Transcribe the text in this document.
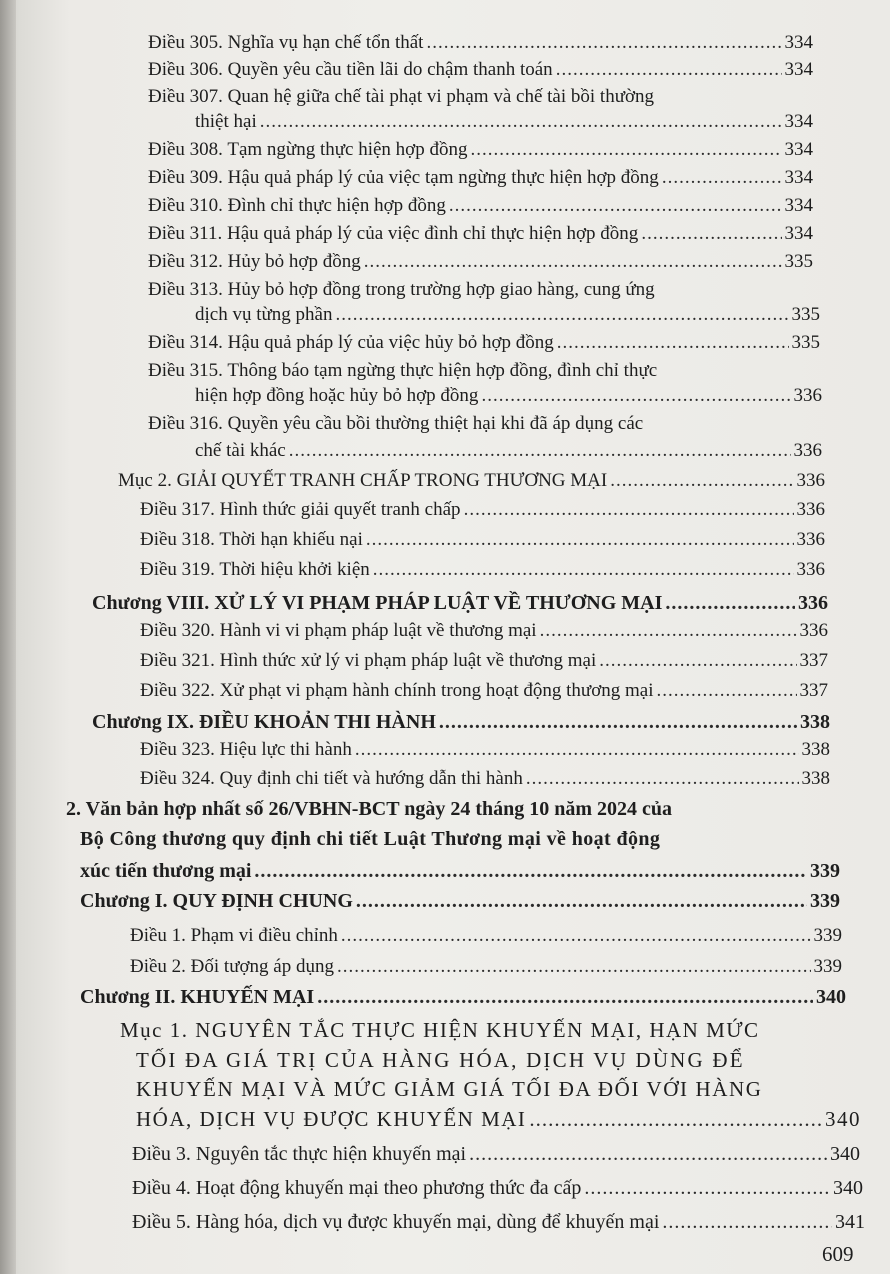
Điều 305. Nghĩa vụ hạn chế tổn thất .....	334
Điều 306. Quyền yêu cầu tiền lãi do chậm thanh toán .....	334
Điều 307. Quan hệ giữa chế tài phạt vi phạm và chế tài bồi thường
thiệt hại .....	334
Điều 308. Tạm ngừng thực hiện hợp đồng .....	334
Điều 309. Hậu quả pháp lý của việc tạm ngừng thực hiện hợp đồng .....	334
Điều 310. Đình chỉ thực hiện hợp đồng .....	334
Điều 311. Hậu quả pháp lý của việc đình chỉ thực hiện hợp đồng .....	334
Điều 312. Hủy bỏ hợp đồng .....	335
Điều 313. Hủy bỏ hợp đồng trong trường hợp giao hàng, cung ứng
dịch vụ từng phần .....	335
Điều 314. Hậu quả pháp lý của việc hủy bỏ hợp đồng .....	335
Điều 315. Thông báo tạm ngừng thực hiện hợp đồng, đình chỉ thực
hiện hợp đồng hoặc hủy bỏ hợp đồng .....	336
Điều 316. Quyền yêu cầu bồi thường thiệt hại khi đã áp dụng các
chế tài khác .....	336
Mục 2. GIẢI QUYẾT TRANH CHẤP TRONG THƯƠNG MẠI .....	336
Điều 317. Hình thức giải quyết tranh chấp .....	336
Điều 318. Thời hạn khiếu nại .....	336
Điều 319. Thời hiệu khởi kiện .....	336
Chương VIII. XỬ LÝ VI PHẠM PHÁP LUẬT VỀ THƯƠNG MẠI .....	336
Điều 320. Hành vi vi phạm pháp luật về thương mại .....	336
Điều 321. Hình thức xử lý vi phạm pháp luật về thương mại .....	337
Điều 322. Xử phạt vi phạm hành chính trong hoạt động thương mại .....	337
Chương IX. ĐIỀU KHOẢN THI HÀNH .....	338
Điều 323. Hiệu lực thi hành .....	338
Điều 324. Quy định chi tiết và hướng dẫn thi hành .....	338
2. Văn bản hợp nhất số 26/VBHN-BCT ngày 24 tháng 10 năm 2024 của
Bộ Công thương quy định chi tiết Luật Thương mại về hoạt động
xúc tiến thương mại .....	339
Chương I. QUY ĐỊNH CHUNG .....	339
Điều 1. Phạm vi điều chỉnh .....	339
Điều 2. Đối tượng áp dụng .....	339
Chương II. KHUYẾN MẠI .....	340
Mục 1. NGUYÊN TẮC THỰC HIỆN KHUYẾN MẠI, HẠN MỨC
TỐI ĐA GIÁ TRỊ CỦA HÀNG HÓA, DỊCH VỤ DÙNG ĐỂ
KHUYẾN MẠI VÀ MỨC GIẢM GIÁ TỐI ĐA ĐỐI VỚI HÀNG
HÓA, DỊCH VỤ ĐƯỢC KHUYẾN MẠI .....	340
Điều 3. Nguyên tắc thực hiện khuyến mại .....	340
Điều 4. Hoạt động khuyến mại theo phương thức đa cấp .....	340
Điều 5. Hàng hóa, dịch vụ được khuyến mại, dùng để khuyến mại .....	341
609
